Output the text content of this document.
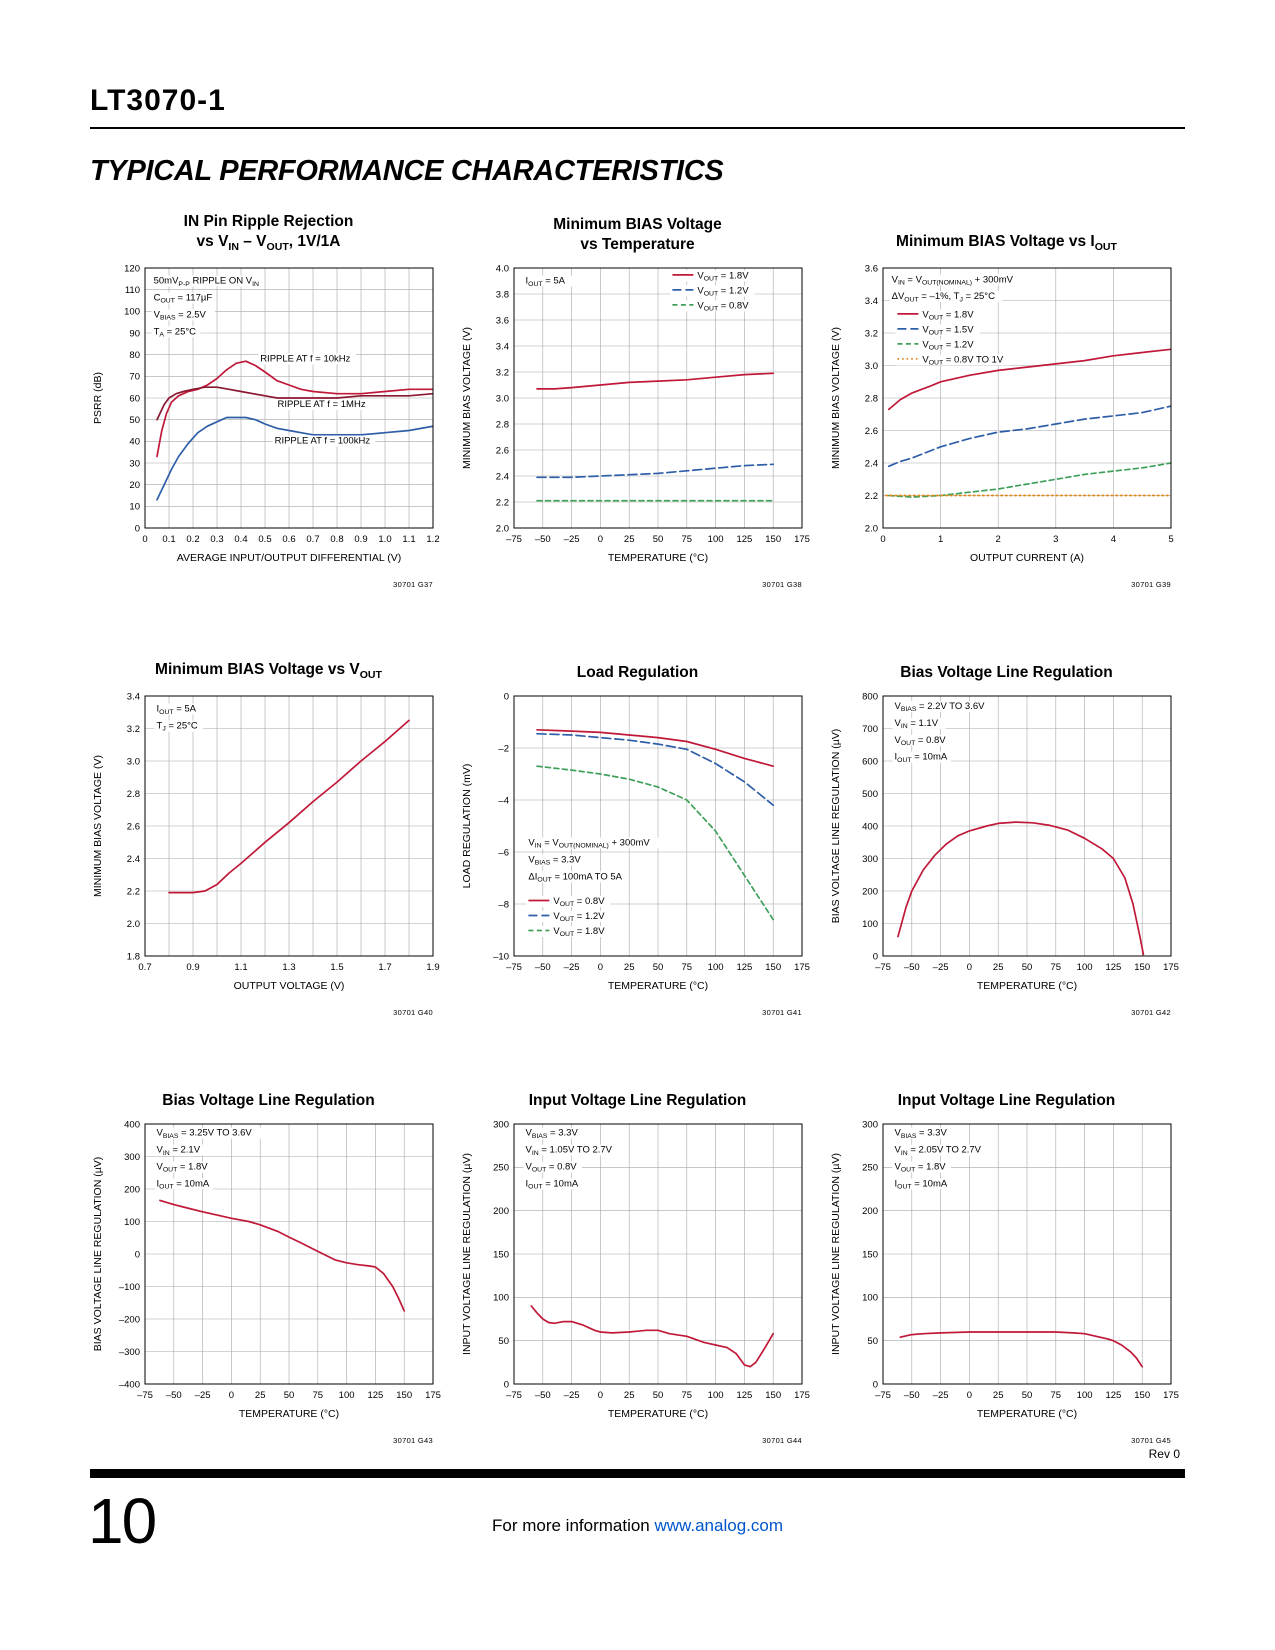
LT3070-1
TYPICAL PERFORMANCE CHARACTERISTICS
IN Pin Ripple Rejection
vs $V_{IN} - V_{OUT}$, 1V/1A
$50mV_{P-P}$ RIPPLE ON $V_{IN}$
$C_{OUT} = 117\mu F$
$V_{BIAS} = 2.5V$
$T_A = 25^\circ C$
RIPPLE AT f = 10kHz
RIPPLE AT f = 1MHz
RIPPLE AT f = 100kHz
0 0.1 0.2 0.3 0.4 0.5 0.6 0.7 0.8 0.9 1.0 1.1 1.2
0
10
20
30
40
50
60
70
80
90
100
110
120
AVERAGE INPUT/OUTPUT DIFFERENTIAL (V)
PSRR (dB)
30701 G37
Minimum BIAS Voltage
vs Temperature
$I_{OUT} = 5A$	$V_{OUT} = 1.8V$
$V_{OUT} = 1.2V$
$V_{OUT} = 0.8V$
–75 –50 –25 0 25 50 75 100 125 150 175
2.0
2.2
2.4
2.6
2.8
3.0
3.2
3.4
3.6
3.8
4.0
TEMPERATURE (°C)
MINIMUM BIAS VOLTAGE (V)
30701 G38
Minimum BIAS Voltage vs $I_{OUT}$
$V_{IN} = V_{OUT(NOMINAL)} + 300mV$
$\Delta V_{OUT} = -1\%$, $T_J = 25^\circ C$
$V_{OUT} = 1.8V$
$V_{OUT} = 1.5V$
$V_{OUT} = 1.2V$
$V_{OUT} = 0.8V$ TO 1V
0	1	2	3	4	5
2.0
2.2
2.4
2.6
2.8
3.0
3.2
3.4
3.6
OUTPUT CURRENT (A)
MINIMUM BIAS VOLTAGE (V)
30701 G39
Minimum BIAS Voltage vs $V_{OUT}$
$I_{OUT} = 5A$
$T_J = 25^\circ C$
0.7	0.9	1.1	1.3	1.5	1.7	1.9
1.8
2.0
2.2
2.4
2.6
2.8
3.0
3.2
3.4
OUTPUT VOLTAGE (V)
MINIMUM BIAS VOLTAGE (V)
30701 G40
Load Regulation
$V_{IN} = V_{OUT(NOMINAL)} + 300mV$
$V_{BIAS} = 3.3V$
$\Delta I_{OUT} = 100mA$ TO 5A
$V_{OUT} = 0.8V$
$V_{OUT} = 1.2V$
$V_{OUT} = 1.8V$
–75 –50 –25 0 25 50 75 100 125 150 175
0
–2
–4
–6
–8
–10
TEMPERATURE (°C)
LOAD REGULATION (mV)
30701 G41
Bias Voltage Line Regulation
$V_{BIAS} = 2.2V$ TO 3.6V
$V_{IN} = 1.1V$
$V_{OUT} = 0.8V$
$I_{OUT} = 10mA$
–75 –50 –25 0 25 50 75 100 125 150 175
0
100
200
300
400
500
600
700
800
TEMPERATURE (°C)
BIAS VOLTAGE LINE REGULATION (µV)
30701 G42
Bias Voltage Line Regulation
$V_{BIAS} = 3.25V$ TO 3.6V
$V_{IN} = 2.1V$
$V_{OUT} = 1.8V$
$I_{OUT} = 10mA$
–75 –50 –25 0 25 50 75 100 125 150 175
–400
–300
–200
–100
0
100
200
300
400
TEMPERATURE (°C)
BIAS VOLTAGE LINE REGULATION (µV)
30701 G43
Input Voltage Line Regulation
$V_{BIAS} = 3.3V$
$V_{IN} = 1.05V$ TO 2.7V
$V_{OUT} = 0.8V$
$I_{OUT} = 10mA$
–75 –50 –25 0 25 50 75 100 125 150 175
0
50
100
150
200
250
300
TEMPERATURE (°C)
INPUT VOLTAGE LINE REGULATION (µV)
30701 G44
Input Voltage Line Regulation
$V_{BIAS} = 3.3V$
$V_{IN} = 2.05V$ TO 2.7V
$V_{OUT} = 1.8V$
$I_{OUT} = 10mA$
–75 –50 –25 0 25 50 75 100 125 150 175
0
50
100
150
200
250
300
TEMPERATURE (°C)
INPUT VOLTAGE LINE REGULATION (µV)
30701 G45
Rev 0
10	For more information www.analog.com
